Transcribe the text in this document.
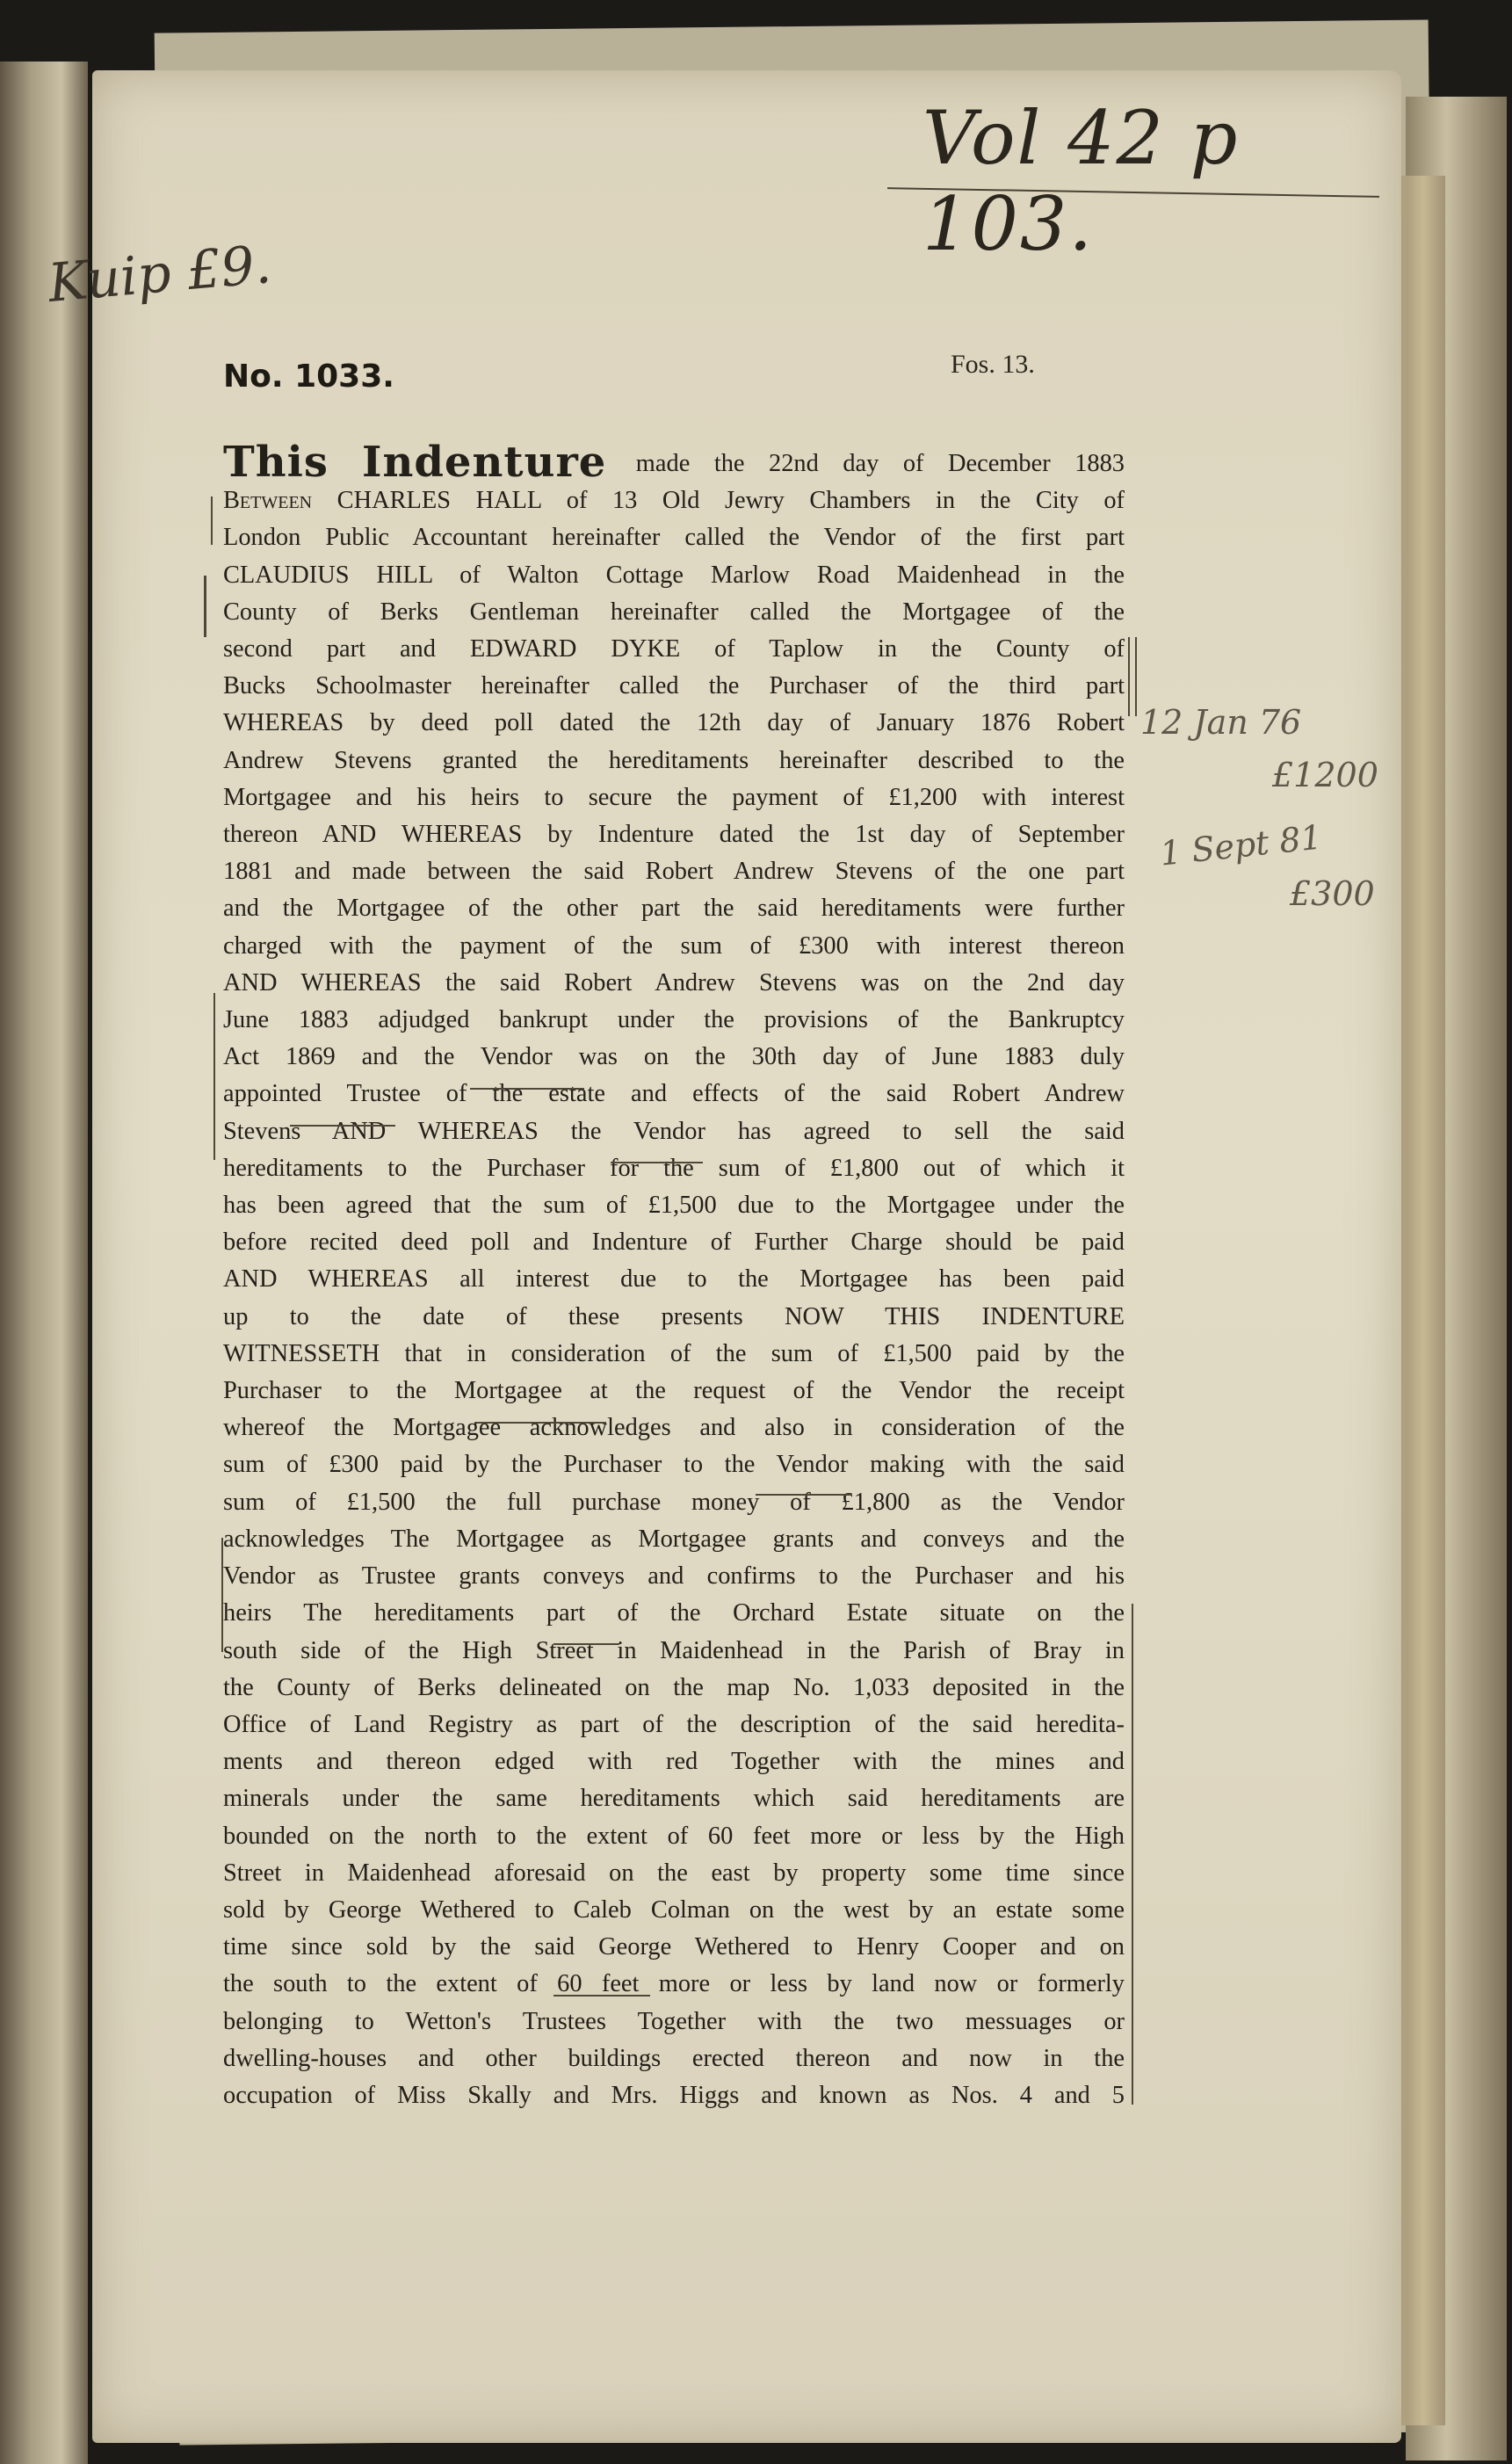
Vol 42 p 103.
Kuip £9.
No. 1033.	Fos. 13.
This Indenture made the 22nd day of December 1883
Between CHARLES HALL of 13 Old Jewry Chambers in the City of
London Public Accountant hereinafter called the Vendor of the first part
CLAUDIUS HILL of Walton Cottage Marlow Road Maidenhead in the
County of Berks Gentleman hereinafter called the Mortgagee of the
second part and EDWARD DYKE of Taplow in the County of
Bucks Schoolmaster hereinafter called the Purchaser of the third part
WHEREAS by deed poll dated the 12th day of January 1876 Robert
Andrew Stevens granted the hereditaments hereinafter described to the
Mortgagee and his heirs to secure the payment of £1,200 with interest
thereon AND WHEREAS by Indenture dated the 1st day of September
1881 and made between the said Robert Andrew Stevens of the one part
and the Mortgagee of the other part the said hereditaments were further
charged with the payment of the sum of £300 with interest thereon
AND WHEREAS the said Robert Andrew Stevens was on the 2nd day
June 1883 adjudged bankrupt under the provisions of the Bankruptcy
Act 1869 and the Vendor was on the 30th day of June 1883 duly
appointed Trustee of the estate and effects of the said Robert Andrew
Stevens AND WHEREAS the Vendor has agreed to sell the said
hereditaments to the Purchaser for the sum of £1,800 out of which it
has been agreed that the sum of £1,500 due to the Mortgagee under the
before recited deed poll and Indenture of Further Charge should be paid
AND WHEREAS all interest due to the Mortgagee has been paid
up to the date of these presents NOW THIS INDENTURE
WITNESSETH that in consideration of the sum of £1,500 paid by the
Purchaser to the Mortgagee at the request of the Vendor the receipt
whereof the Mortgagee acknowledges and also in consideration of the
sum of £300 paid by the Purchaser to the Vendor making with the said
sum of £1,500 the full purchase money of £1,800 as the Vendor
acknowledges The Mortgagee as Mortgagee grants and conveys and the
Vendor as Trustee grants conveys and confirms to the Purchaser and his
heirs The hereditaments part of the Orchard Estate situate on the
south side of the High Street in Maidenhead in the Parish of Bray in
the County of Berks delineated on the map No. 1,033 deposited in the
Office of Land Registry as part of the description of the said heredita-
ments and thereon edged with red Together with the mines and
minerals under the same hereditaments which said hereditaments are
bounded on the north to the extent of 60 feet more or less by the High
Street in Maidenhead aforesaid on the east by property some time since
sold by George Wethered to Caleb Colman on the west by an estate some
time since sold by the said George Wethered to Henry Cooper and on
the south to the extent of 60 feet more or less by land now or formerly
belonging to Wetton's Trustees Together with the two messuages or
dwelling-houses and other buildings erected thereon and now in the
occupation of Miss Skally and Mrs. Higgs and known as Nos. 4 and 5
12 Jan 76
£1200
1 Sept 81
£300
